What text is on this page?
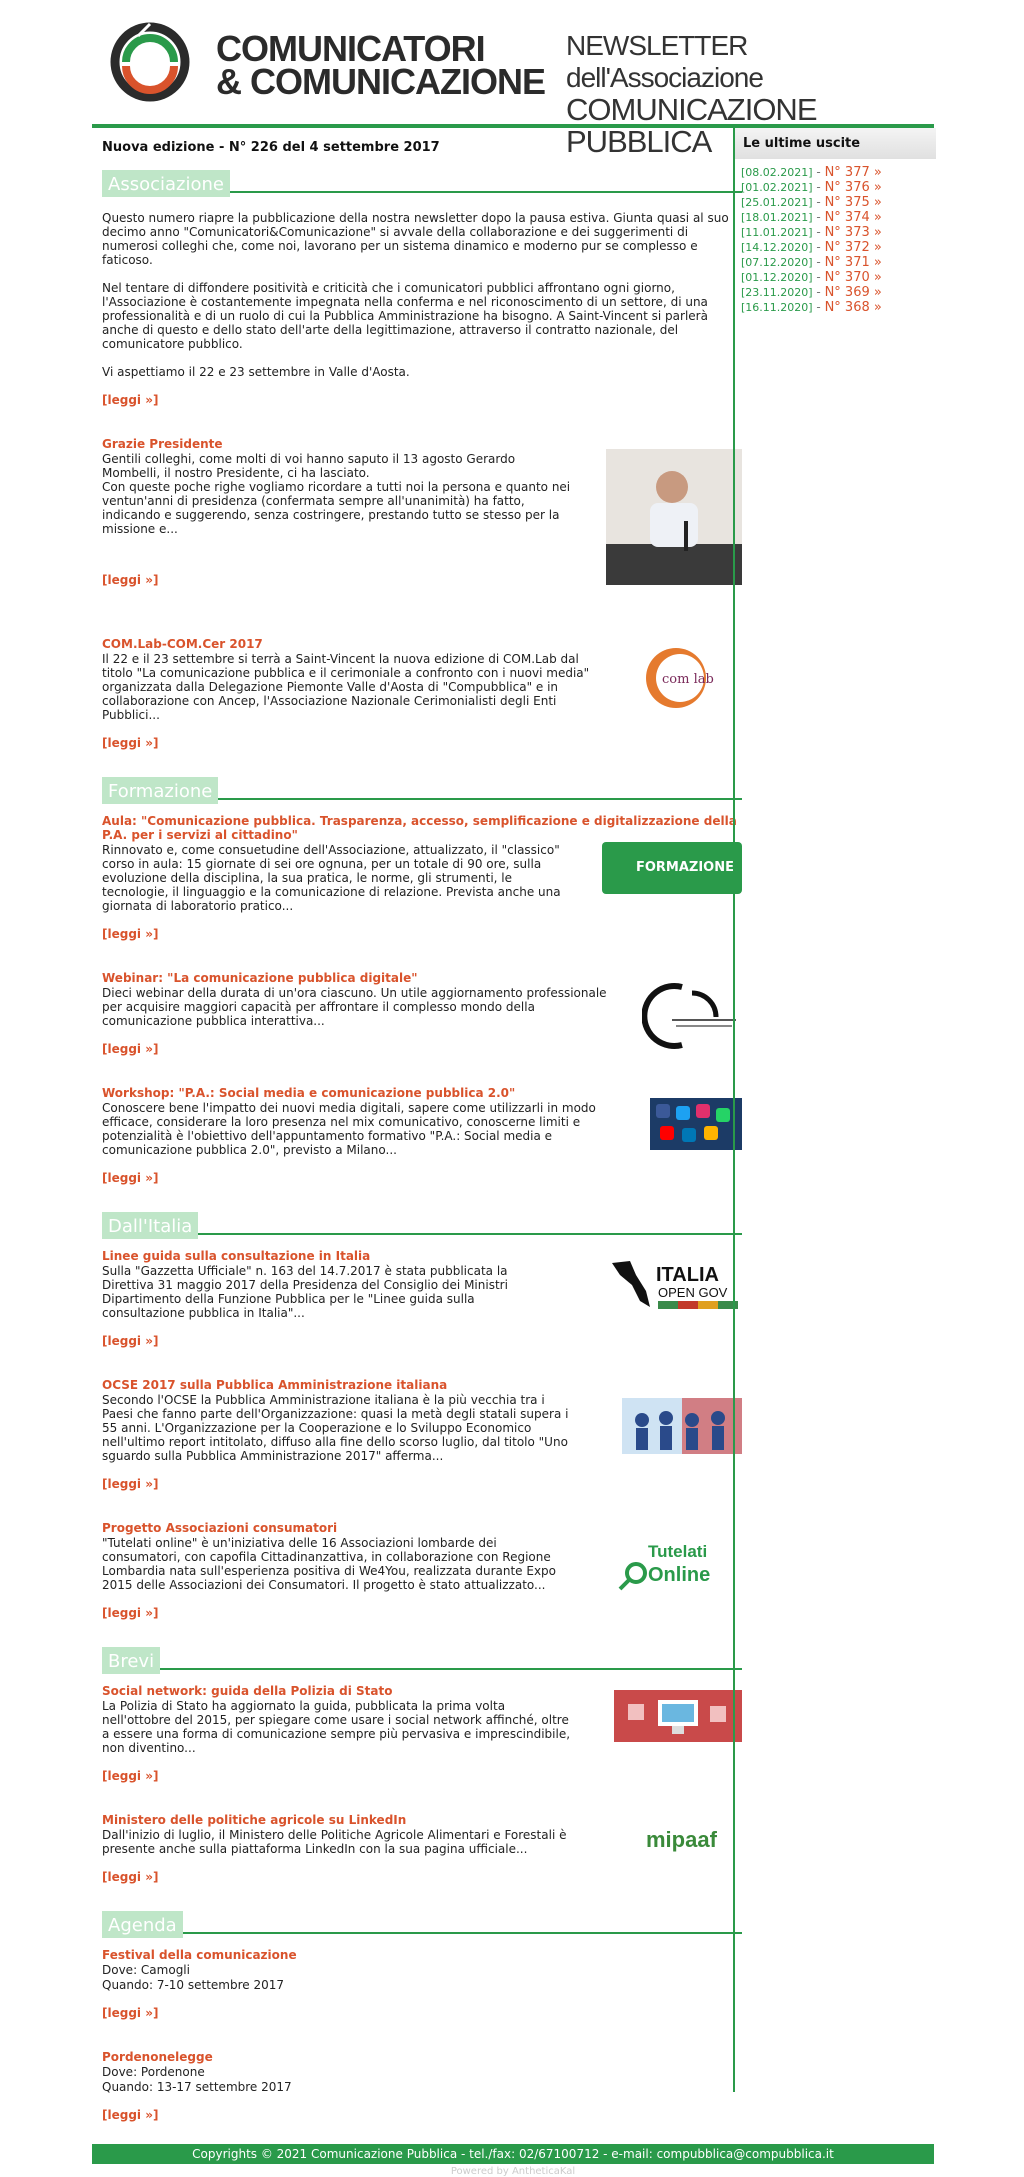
COMUNICATORI
& COMUNICAZIONE
NEWSLETTER dell'Associazione
COMUNICAZIONE PUBBLICA
Nuova edizione - N° 226 del 4 settembre 2017
Associazione

Questo numero riapre la pubblicazione della nostra newsletter dopo la pausa estiva. Giunta quasi al suo decimo anno "Comunicatori&Comunicazione" si avvale della collaborazione e dei suggerimenti di numerosi colleghi che, come noi, lavorano per un sistema dinamico e moderno pur se complesso e faticoso.

Nel tentare di diffondere positività e criticità che i comunicatori pubblici affrontano ogni giorno, l'Associazione è costantemente impegnata nella conferma e nel riconoscimento di un settore, di una professionalità e di un ruolo di cui la Pubblica Amministrazione ha bisogno. A Saint-Vincent si parlerà anche di questo e dello stato dell'arte della legittimazione, attraverso il contratto nazionale, del comunicatore pubblico.

Vi aspettiamo il 22 e 23 settembre in Valle d'Aosta.

[leggi »]
Grazie Presidente
Gentili colleghi, come molti di voi hanno saputo il 13 agosto Gerardo Mombelli, il nostro Presidente, ci ha lasciato.
Con queste poche righe vogliamo ricordare a tutti noi la persona e quanto nei ventun'anni di presidenza (confermata sempre all'unanimità) ha fatto, indicando e suggerendo, senza costringere, prestando tutto se stesso per la missione e...
[leggi »]
COM.Lab-COM.Cer 2017
Il 22 e il 23 settembre si terrà a Saint-Vincent la nuova edizione di COM.Lab dal titolo "La comunicazione pubblica e il cerimoniale a confronto con i nuovi media" organizzata dalla Delegazione Piemonte Valle d'Aosta di "Compubblica" e in collaborazione con Ancep, l'Associazione Nazionale Cerimonialisti degli Enti Pubblici...
com lab
[leggi »]
Formazione
Aula: "Comunicazione pubblica. Trasparenza, accesso, semplificazione e digitalizzazione della P.A. per i servizi al cittadino"
Rinnovato e, come consuetudine dell'Associazione, attualizzato, il "classico" corso in aula: 15 giornate di sei ore ognuna, per un totale di 90 ore, sulla evoluzione della disciplina, la sua pratica, le norme, gli strumenti, le tecnologie, il linguaggio e la comunicazione di relazione. Prevista anche una giornata di laboratorio pratico...
FORMAZIONE 2017
[leggi »]
Webinar: "La comunicazione pubblica digitale"
Dieci webinar della durata di un'ora ciascuno. Un utile aggiornamento professionale per acquisire maggiori capacità per affrontare il complesso mondo della comunicazione pubblica interattiva...
[leggi »]
Workshop: "P.A.: Social media e comunicazione pubblica 2.0"
Conoscere bene l'impatto dei nuovi media digitali, sapere come utilizzarli in modo efficace, considerare la loro presenza nel mix comunicativo, conoscerne limiti e potenzialità è l'obiettivo dell'appuntamento formativo "P.A.: Social media e comunicazione pubblica 2.0", previsto a Milano...
[leggi »]
Dall'Italia
Linee guida sulla consultazione in Italia
Sulla "Gazzetta Ufficiale" n. 163 del 14.7.2017 è stata pubblicata la Direttiva 31 maggio 2017 della Presidenza del Consiglio dei Ministri Dipartimento della Funzione Pubblica per le "Linee guida sulla consultazione pubblica in Italia"...
ITALIA
OPEN GOV
[leggi »]
OCSE 2017 sulla Pubblica Amministrazione italiana
Secondo l'OCSE la Pubblica Amministrazione italiana è la più vecchia tra i Paesi che fanno parte dell'Organizzazione: quasi la metà degli statali supera i 55 anni. L'Organizzazione per la Cooperazione e lo Sviluppo Economico nell'ultimo report intitolato, diffuso alla fine dello scorso luglio, dal titolo "Uno sguardo sulla Pubblica Amministrazione 2017" afferma...
[leggi »]
Progetto Associazioni consumatori
"Tutelati online" è un'iniziativa delle 16 Associazioni lombarde dei consumatori, con capofila Cittadinanzattiva, in collaborazione con Regione Lombardia nata sull'esperienza positiva di We4You, realizzata durante Expo 2015 delle Associazioni dei Consumatori. Il progetto è stato attualizzato...
Tutelati
Online
[leggi »]
Brevi
Social network: guida della Polizia di Stato
La Polizia di Stato ha aggiornato la guida, pubblicata la prima volta nell'ottobre del 2015, per spiegare come usare i social network affinché, oltre a essere una forma di comunicazione sempre più pervasiva e imprescindibile, non diventino...
[leggi »]
Ministero delle politiche agricole su LinkedIn
Dall'inizio di luglio, il Ministero delle Politiche Agricole Alimentari e Forestali è presente anche sulla piattaforma LinkedIn con la sua pagina ufficiale...	mipaaf
[leggi »]
Agenda
Festival della comunicazione
Dove: Camogli
Quando: 7-10 settembre 2017
[leggi »]
Pordenonelegge
Dove: Pordenone
Quando: 13-17 settembre 2017
[leggi »]
Le ultime uscite
[08.02.2021] - N° 377 »
[01.02.2021] - N° 376 »
[25.01.2021] - N° 375 »
[18.01.2021] - N° 374 »
[11.01.2021] - N° 373 »
[14.12.2020] - N° 372 »
[07.12.2020] - N° 371 »
[01.12.2020] - N° 370 »
[23.11.2020] - N° 369 »
[16.11.2020] - N° 368 »
Copyrights © 2021 Comunicazione Pubblica - tel./fax: 02/67100712 - e-mail: compubblica@compubblica.it
Powered by AntheticaKal
